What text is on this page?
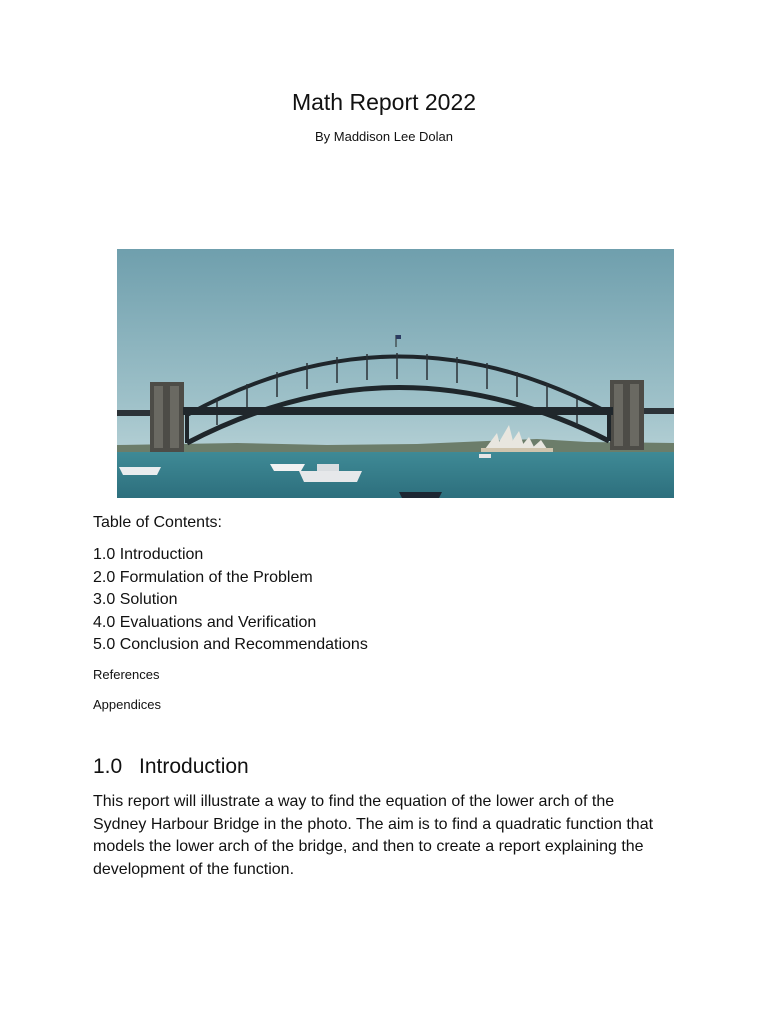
Math Report 2022
By Maddison Lee Dolan
Table of Contents:
1.0 Introduction
2.0 Formulation of the Problem
3.0 Solution
4.0 Evaluations and Verification
5.0 Conclusion and Recommendations
References
Appendices
1.0 Introduction

This report will illustrate a way to find the equation of the lower arch of the Sydney Harbour Bridge in the photo. The aim is to find a quadratic function that models the lower arch of the bridge, and then to create a report explaining the development of the function.
